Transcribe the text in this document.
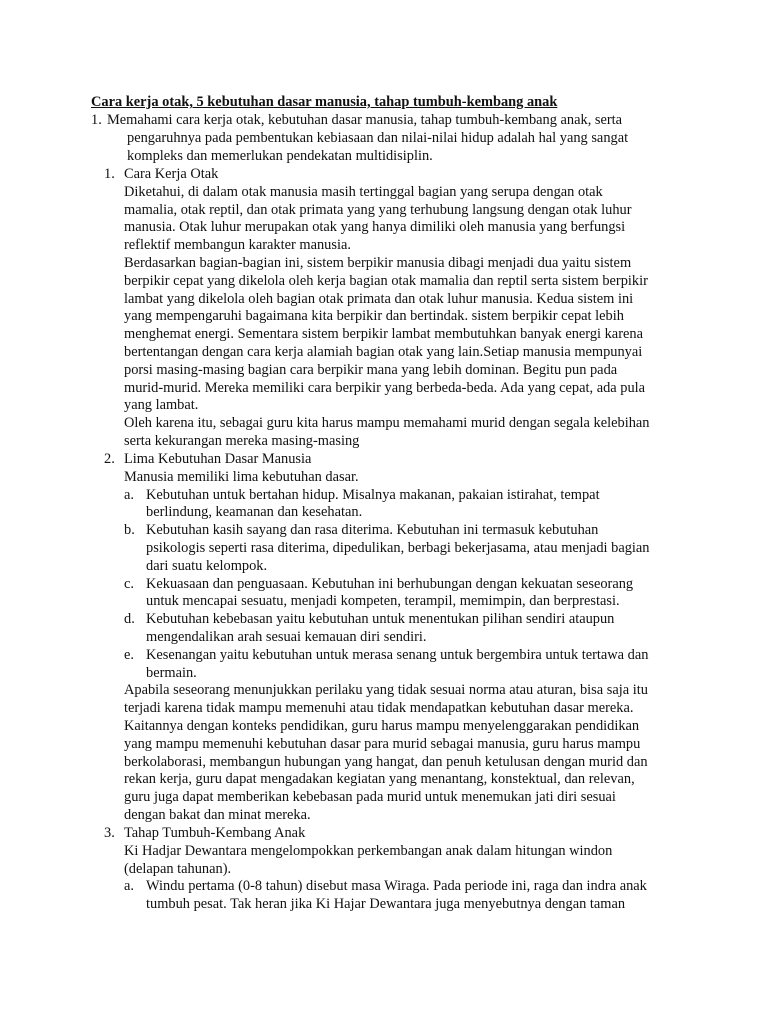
Cara kerja otak, 5 kebutuhan dasar manusia, tahap tumbuh-kembang anak
1. Memahami cara kerja otak, kebutuhan dasar manusia, tahap tumbuh-kembang anak, serta
pengaruhnya pada pembentukan kebiasaan dan nilai-nilai hidup adalah hal yang sangat
kompleks dan memerlukan pendekatan multidisiplin.
1. Cara Kerja Otak
Diketahui, di dalam otak manusia masih tertinggal bagian yang serupa dengan otak
mamalia, otak reptil, dan otak primata yang yang terhubung langsung dengan otak luhur
manusia. Otak luhur merupakan otak yang hanya dimiliki oleh manusia yang berfungsi
reflektif membangun karakter manusia.
Berdasarkan bagian-bagian ini, sistem berpikir manusia dibagi menjadi dua yaitu sistem
berpikir cepat yang dikelola oleh kerja bagian otak mamalia dan reptil serta sistem berpikir
lambat yang dikelola oleh bagian otak primata dan otak luhur manusia. Kedua sistem ini
yang mempengaruhi bagaimana kita berpikir dan bertindak. sistem berpikir cepat lebih
menghemat energi. Sementara sistem berpikir lambat membutuhkan banyak energi karena
bertentangan dengan cara kerja alamiah bagian otak yang lain.Setiap manusia mempunyai
porsi masing-masing bagian cara berpikir mana yang lebih dominan. Begitu pun pada
murid-murid. Mereka memiliki cara berpikir yang berbeda-beda. Ada yang cepat, ada pula
yang lambat.
Oleh karena itu, sebagai guru kita harus mampu memahami murid dengan segala kelebihan
serta kekurangan mereka masing-masing
2. Lima Kebutuhan Dasar Manusia
Manusia memiliki lima kebutuhan dasar.
a. Kebutuhan untuk bertahan hidup. Misalnya makanan, pakaian istirahat, tempat
berlindung, keamanan dan kesehatan.
b. Kebutuhan kasih sayang dan rasa diterima. Kebutuhan ini termasuk kebutuhan
psikologis seperti rasa diterima, dipedulikan, berbagi bekerjasama, atau menjadi bagian
dari suatu kelompok.
c. Kekuasaan dan penguasaan. Kebutuhan ini berhubungan dengan kekuatan seseorang
untuk mencapai sesuatu, menjadi kompeten, terampil, memimpin, dan berprestasi.
d. Kebutuhan kebebasan yaitu kebutuhan untuk menentukan pilihan sendiri ataupun
mengendalikan arah sesuai kemauan diri sendiri.
e. Kesenangan yaitu kebutuhan untuk merasa senang untuk bergembira untuk tertawa dan
bermain.
Apabila seseorang menunjukkan perilaku yang tidak sesuai norma atau aturan, bisa saja itu
terjadi karena tidak mampu memenuhi atau tidak mendapatkan kebutuhan dasar mereka.
Kaitannya dengan konteks pendidikan, guru harus mampu menyelenggarakan pendidikan
yang mampu memenuhi kebutuhan dasar para murid sebagai manusia, guru harus mampu
berkolaborasi, membangun hubungan yang hangat, dan penuh ketulusan dengan murid dan
rekan kerja, guru dapat mengadakan kegiatan yang menantang, konstektual, dan relevan,
guru juga dapat memberikan kebebasan pada murid untuk menemukan jati diri sesuai
dengan bakat dan minat mereka.
3. Tahap Tumbuh-Kembang Anak
Ki Hadjar Dewantara mengelompokkan perkembangan anak dalam hitungan windon
(delapan tahunan).
a. Windu pertama (0-8 tahun) disebut masa Wiraga. Pada periode ini, raga dan indra anak
tumbuh pesat. Tak heran jika Ki Hajar Dewantara juga menyebutnya dengan taman
